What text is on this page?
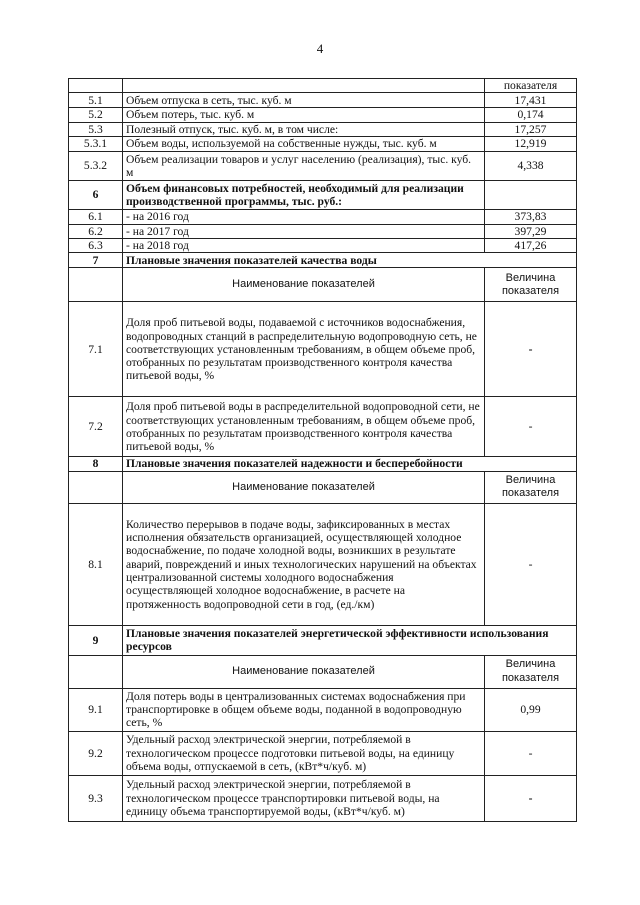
4
		показателя
5.1	Объем отпуска в сеть, тыс. куб. м	17,431
5.2	Объем потерь, тыс. куб. м	0,174
5.3	Полезный отпуск, тыс. куб. м, в том числе:	17,257
5.3.1	Объем воды, используемой на собственные нужды, тыс. куб. м	12,919
5.3.2	Объем реализации товаров и услуг населению (реализация), тыс. куб. м	4,338
6	Объем финансовых потребностей, необходимый для реализации производственной программы, тыс. руб.:	
6.1	- на 2016 год	373,83
6.2	- на 2017 год	397,29
6.3	- на 2018 год	417,26
7	Плановые значения показателей качества воды	
	Наименование показателей	Величина показателя
7.1	Доля проб питьевой воды, подаваемой с источников водоснабжения, водопроводных станций в распределительную водопроводную сеть, не соответствующих установленным требованиям, в общем объеме проб, отобранных по результатам производственного контроля качества питьевой воды, %	-
7.2	Доля проб питьевой воды в распределительной водопроводной сети, не соответствующих установленным требованиям, в общем объеме проб, отобранных по результатам производственного контроля качества питьевой воды, %	-
8	Плановые значения показателей надежности и бесперебойности	
	Наименование показателей	Величина показателя
8.1	Количество перерывов в подаче воды, зафиксированных в местах исполнения обязательств организацией, осуществляющей холодное водоснабжение, по подаче холодной воды, возникших в результате аварий, повреждений и иных технологических нарушений на объектах централизованной системы холодного водоснабжения осуществляющей холодное водоснабжение, в расчете на протяженность водопроводной сети в год, (ед./км)	-
9	Плановые значения показателей энергетической эффективности использования ресурсов	
	Наименование показателей	Величина показателя
9.1	Доля потерь воды в централизованных системах водоснабжения при транспортировке в общем объеме воды, поданной в водопроводную сеть, %	0,99
9.2	Удельный расход электрической энергии, потребляемой в технологическом процессе подготовки питьевой воды, на единицу объема воды, отпускаемой в сеть, (кВт*ч/куб. м)	-
9.3	Удельный расход электрической энергии, потребляемой в технологическом процессе транспортировки питьевой воды, на единицу объема транспортируемой воды, (кВт*ч/куб. м)	-
